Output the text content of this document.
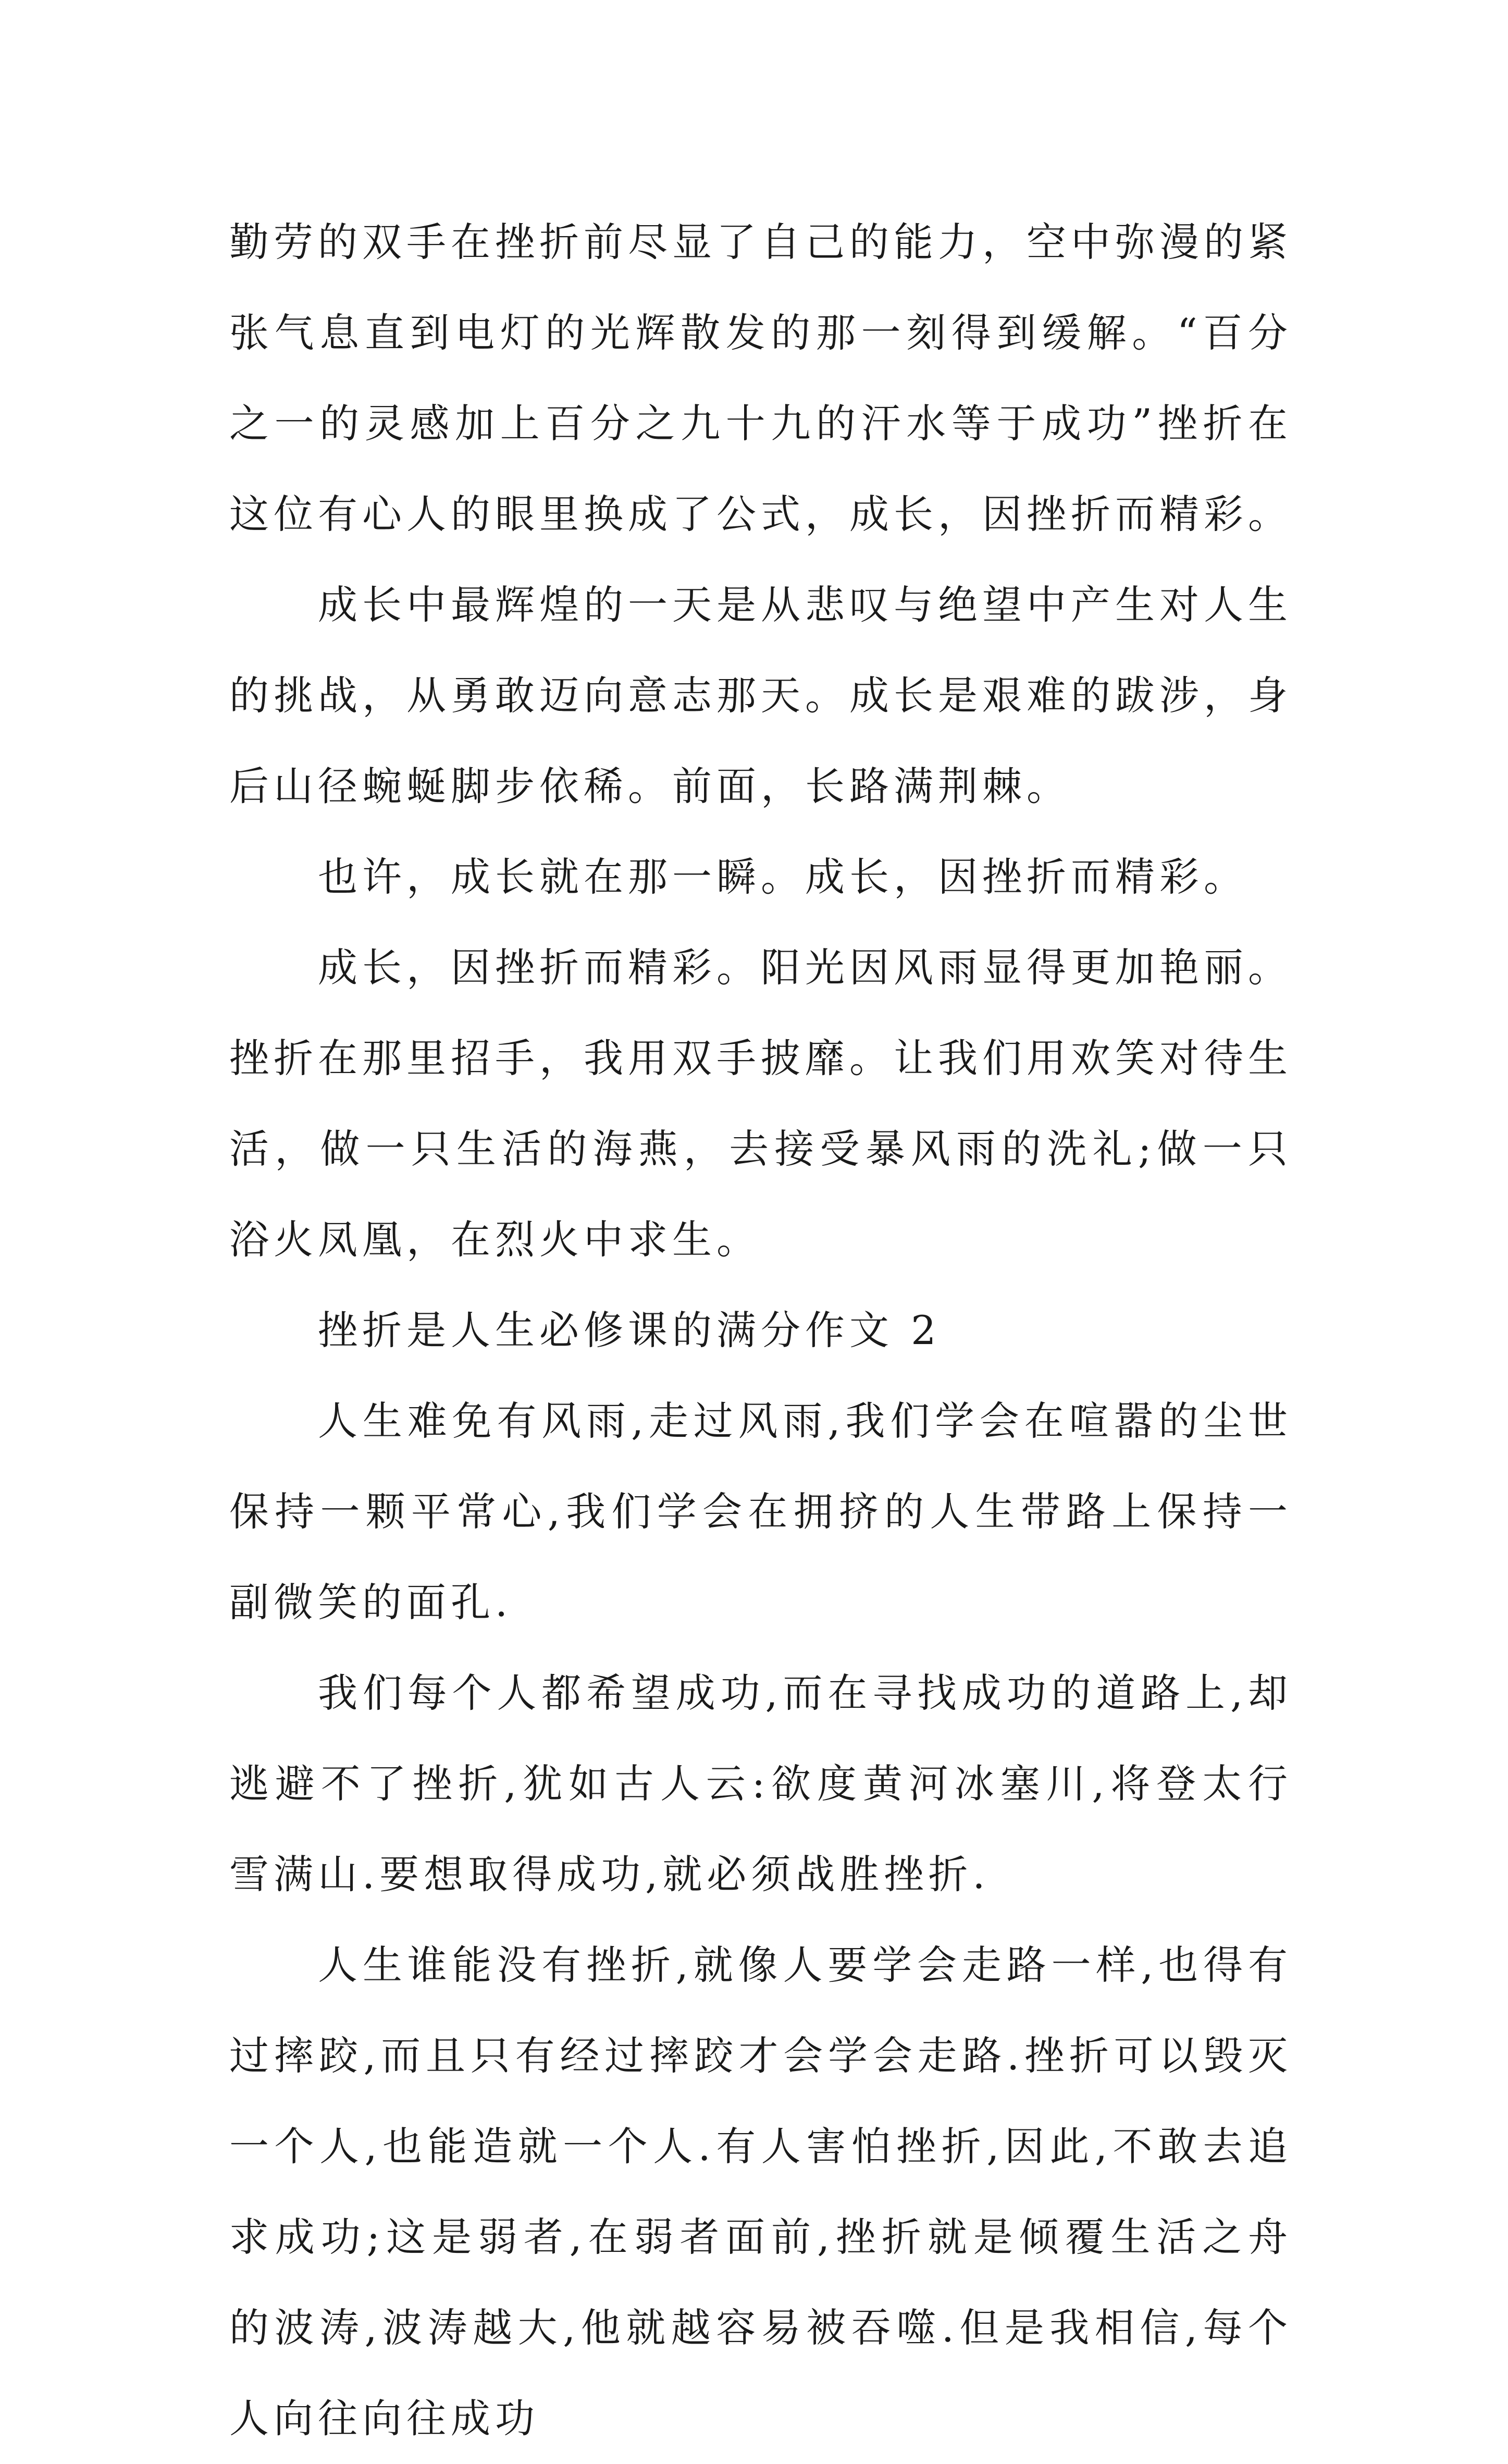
勤劳的双手在挫折前尽显了自己的能力，空中弥漫的紧张气息直到电灯的光辉散发的那一刻得到缓解。“百分之一的灵感加上百分之九十九的汗水等于成功”挫折在这位有心人的眼里换成了公式，成长，因挫折而精彩。

成长中最辉煌的一天是从悲叹与绝望中产生对人生的挑战，从勇敢迈向意志那天。成长是艰难的跋涉，身后山径蜿蜒脚步依稀。前面，长路满荆棘。

也许，成长就在那一瞬。成长，因挫折而精彩。

成长，因挫折而精彩。阳光因风雨显得更加艳丽。挫折在那里招手，我用双手披靡。让我们用欢笑对待生活，做一只生活的海燕，去接受暴风雨的洗礼;做一只浴火凤凰，在烈火中求生。

挫折是人生必修课的满分作文 2

人生难免有风雨,走过风雨,我们学会在喧嚣的尘世保持一颗平常心,我们学会在拥挤的人生带路上保持一副微笑的面孔.

我们每个人都希望成功,而在寻找成功的道路上,却逃避不了挫折,犹如古人云:欲度黄河冰塞川,将登太行雪满山.要想取得成功,就必须战胜挫折.

人生谁能没有挫折,就像人要学会走路一样,也得有过摔跤,而且只有经过摔跤才会学会走路.挫折可以毁灭一个人,也能造就一个人.有人害怕挫折,因此,不敢去追求成功;这是弱者,在弱者面前,挫折就是倾覆生活之舟的波涛,波涛越大,他就越容易被吞噬.但是我相信,每个人向往向往成功
